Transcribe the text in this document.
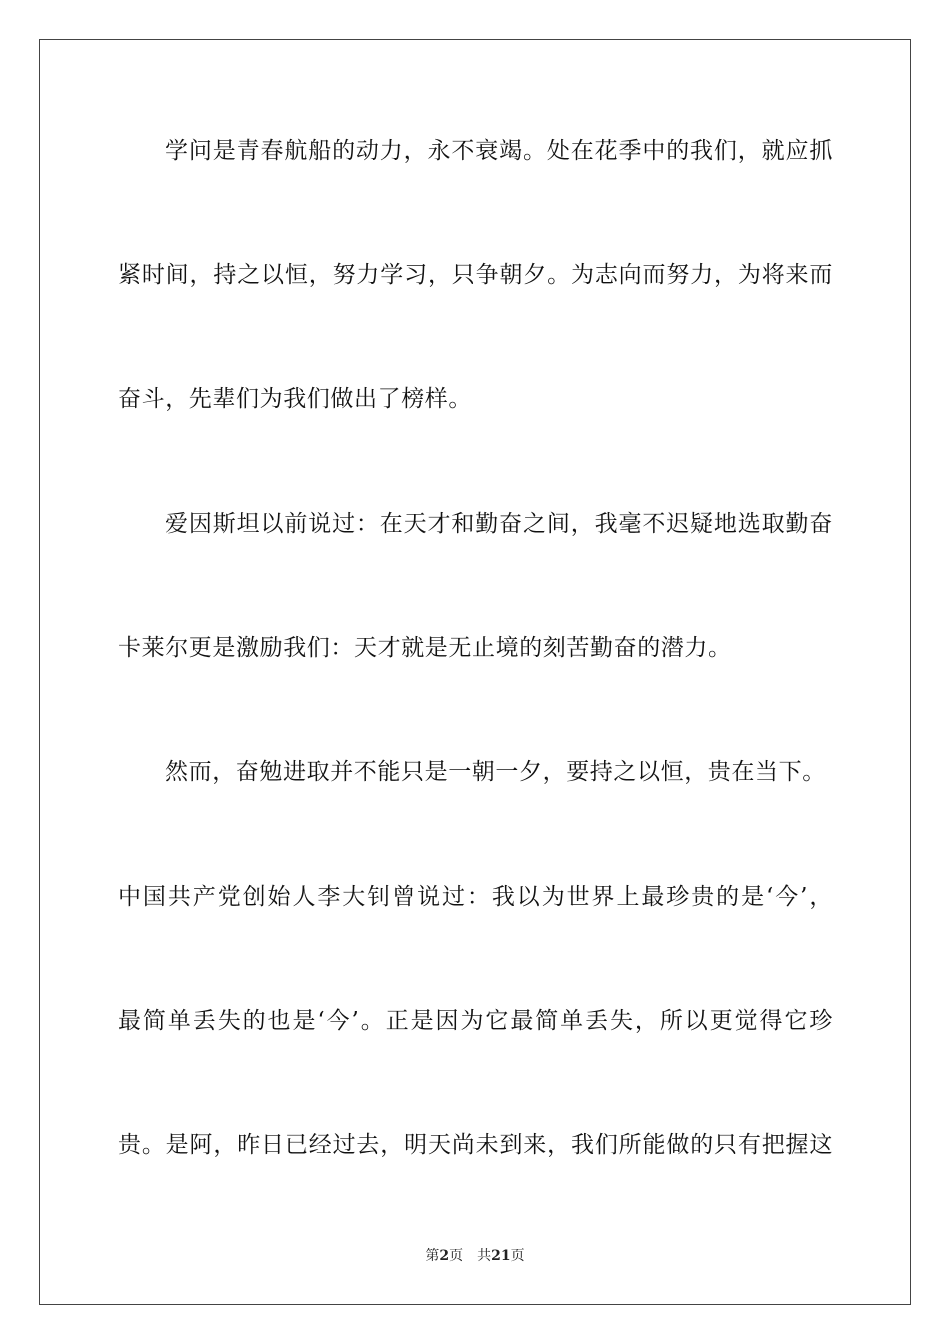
学问是青春航船的动力，永不衰竭。处在花季中的我们，就应抓
紧时间，持之以恒，努力学习，只争朝夕。为志向而努力，为将来而
奋斗，先辈们为我们做出了榜样。
爱因斯坦以前说过：在天才和勤奋之间，我毫不迟疑地选取勤奋
卡莱尔更是激励我们：天才就是无止境的刻苦勤奋的潜力。
然而，奋勉进取并不能只是一朝一夕，要持之以恒，贵在当下。
中国共产党创始人李大钊曾说过：我以为世界上最珍贵的是‘今’，
最简单丢失的也是‘今’。正是因为它最简单丢失，所以更觉得它珍
贵。是阿，昨日已经过去，明天尚未到来，我们所能做的只有把握这
第2页 共21页
